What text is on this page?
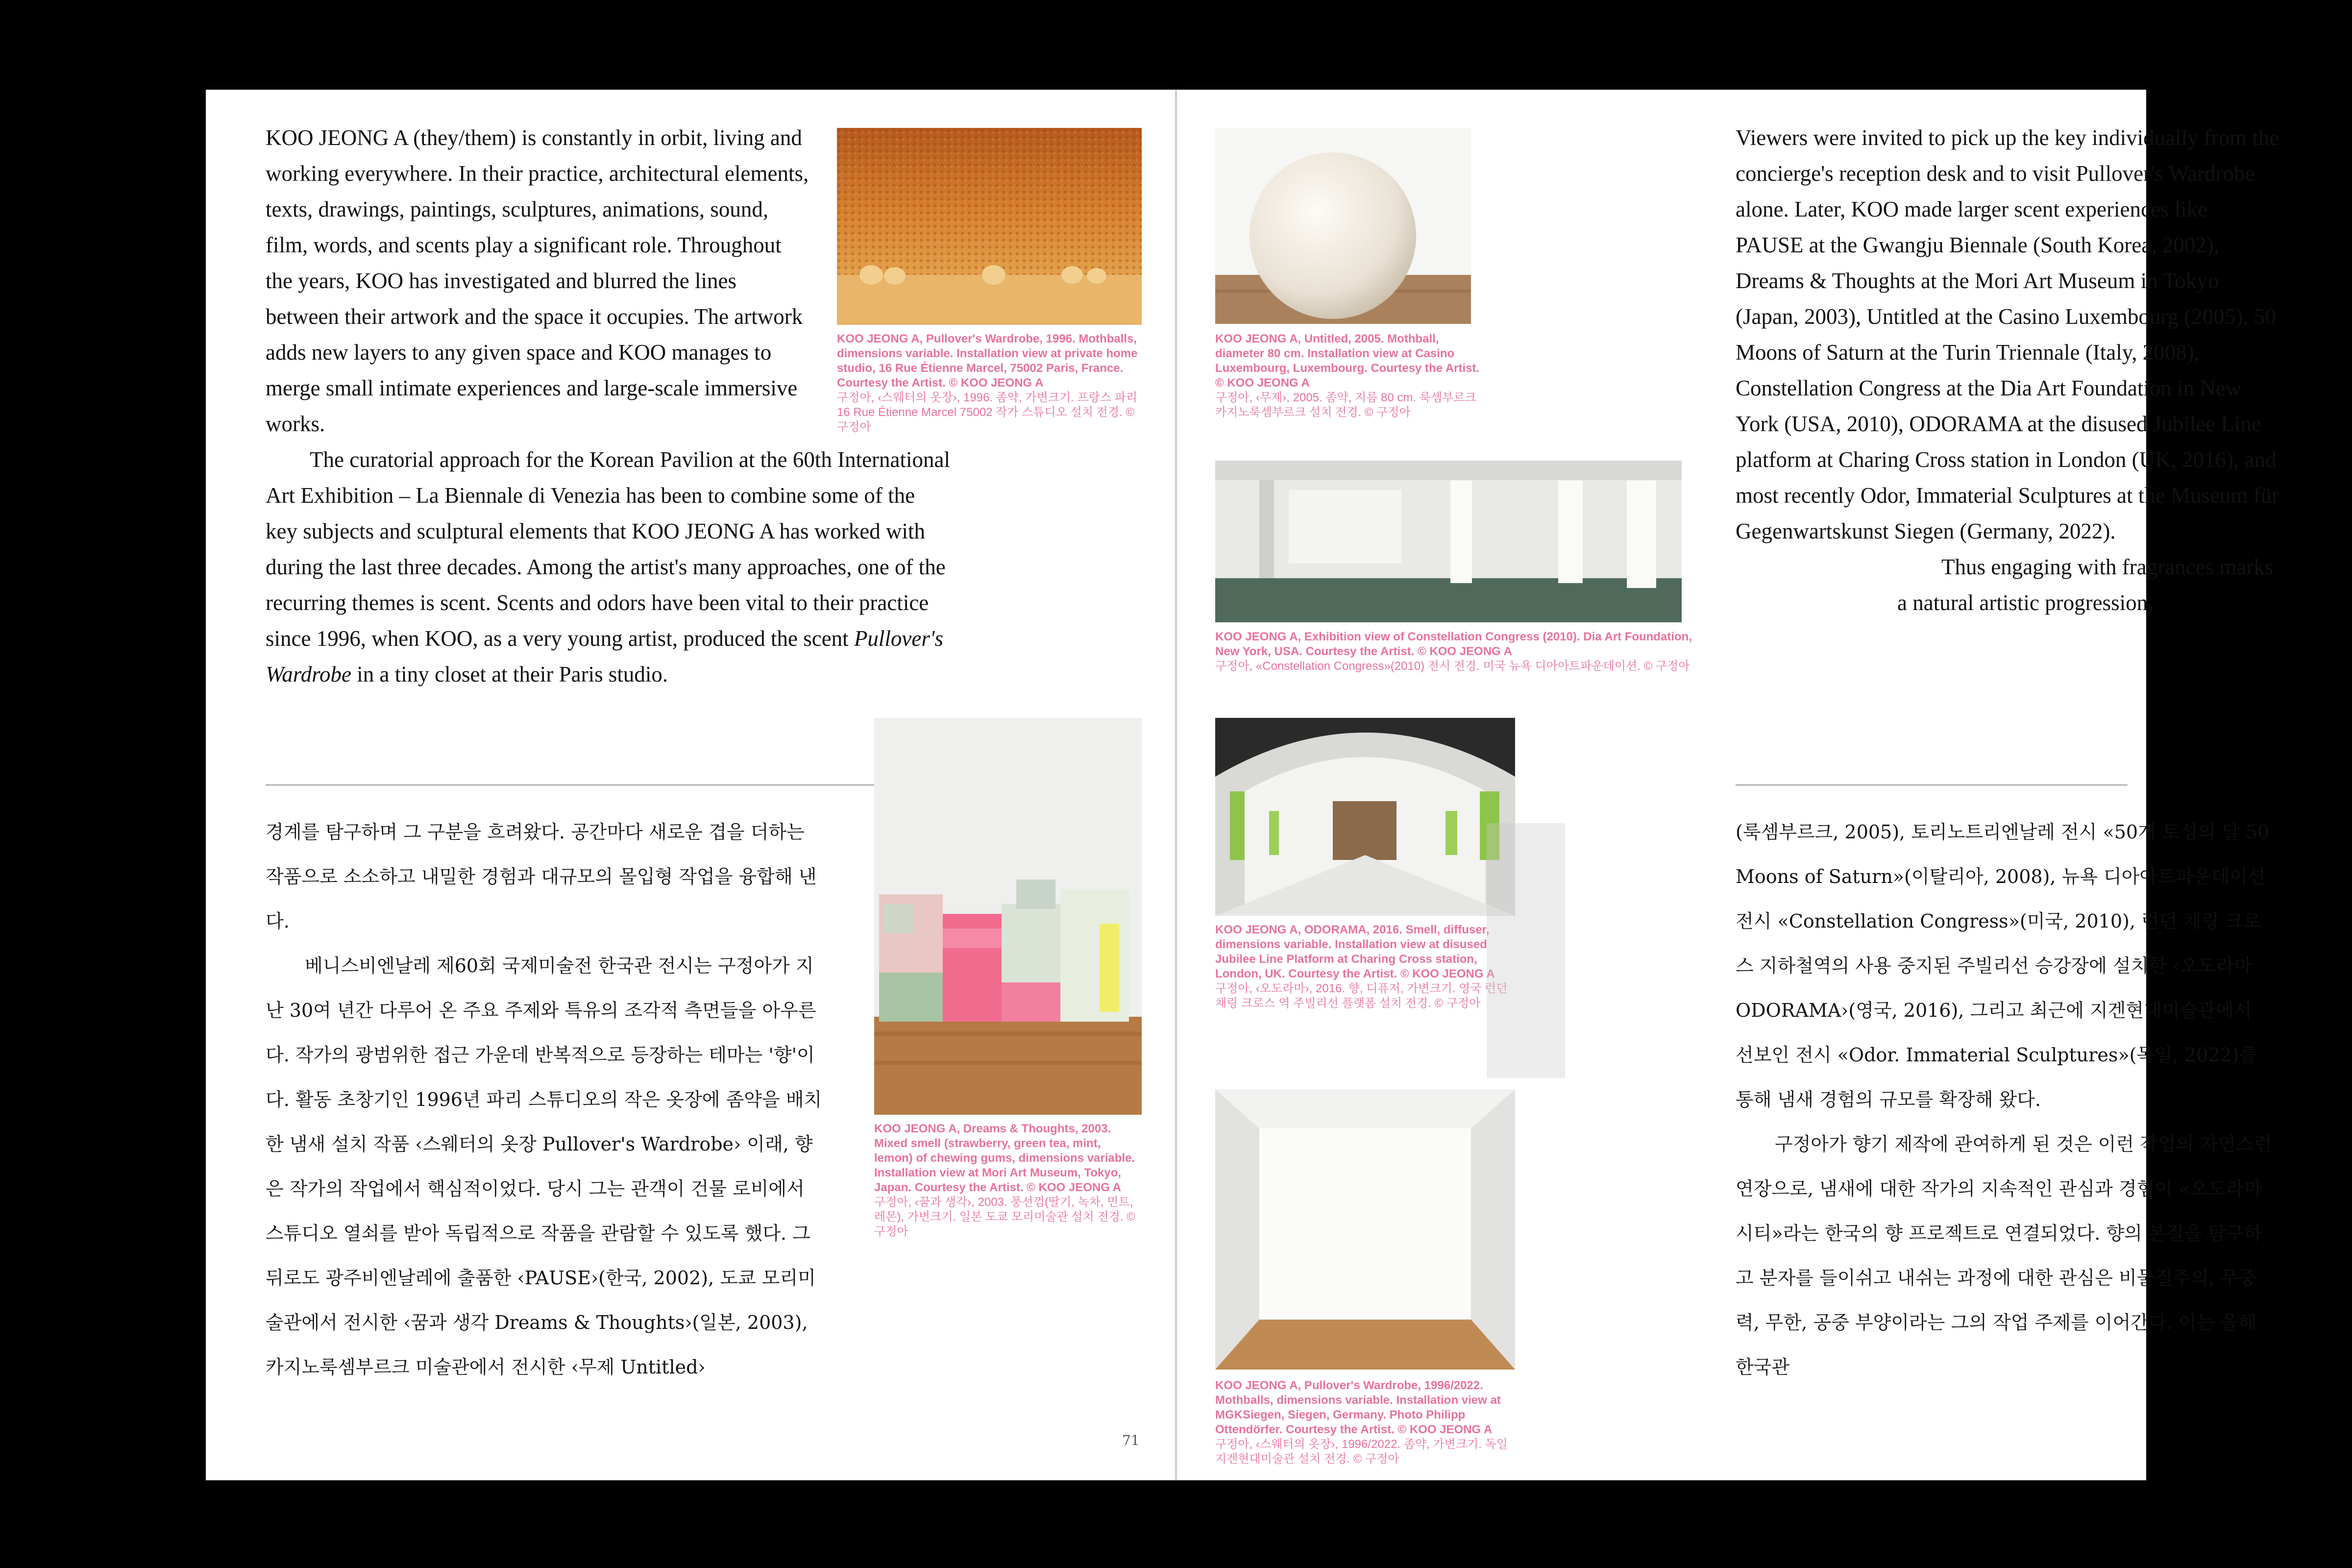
KOO JEONG A (they/them) is constantly in orbit, living and working everywhere. In their practice, architectural elements, texts, drawings, paintings, sculptures, animations, sound, film, words, and scents play a significant role. Throughout the years, KOO has investigated and blurred the lines between their artwork and the space it occupies. The artwork adds new layers to any given space and KOO manages to merge small intimate experiences and large-scale immersive works.

The curatorial approach for the Korean Pavilion at the 60th International Art Exhibition – La Biennale di Venezia has been to combine some of the key subjects and sculptural elements that KOO JEONG A has worked with during the last three decades. Among the artist's many approaches, one of the recurring themes is scent. Scents and odors have been vital to their practice since 1996, when KOO, as a very young artist, produced the scent Pullover's Wardrobe in a tiny closet at their Paris studio.

경계를 탐구하며 그 구분을 흐려왔다. 공간마다 새로운 겹을 더하는 작품으로 소소하고 내밀한 경험과 대규모의 몰입형 작업을 융합해 낸다.

베니스비엔날레 제60회 국제미술전 한국관 전시는 구정아가 지난 30여 년간 다루어 온 주요 주제와 특유의 조각적 측면들을 아우른다. 작가의 광범위한 접근 가운데 반복적으로 등장하는 테마는 '향'이다. 활동 초창기인 1996년 파리 스튜디오의 작은 옷장에 좀약을 배치한 냄새 설치 작품 ‹스웨터의 옷장 Pullover's Wardrobe› 이래, 향은 작가의 작업에서 핵심적이었다. 당시 그는 관객이 건물 로비에서 스튜디오 열쇠를 받아 독립적으로 작품을 관람할 수 있도록 했다. 그 뒤로도 광주비엔날레에 출품한 ‹PAUSE›(한국, 2002), 도쿄 모리미술관에서 전시한 ‹꿈과 생각 Dreams & Thoughts›(일본, 2003), 카지노룩셈부르크 미술관에서 전시한 ‹무제 Untitled›

KOO JEONG A, Pullover's Wardrobe, 1996. Mothballs, dimensions variable. Installation view at private home studio, 16 Rue Étienne Marcel, 75002 Paris, France. Courtesy the Artist. © KOO JEONG A
구정아, ‹스웨터의 옷장›, 1996. 좀약, 가변크기. 프랑스 파리 16 Rue Étienne Marcel 75002 작가 스튜디오 설치 전경. © 구정아
KOO JEONG A, Dreams & Thoughts, 2003. Mixed smell (strawberry, green tea, mint, lemon) of chewing gums, dimensions variable. Installation view at Mori Art Museum, Tokyo, Japan. Courtesy the Artist. © KOO JEONG A
구정아, ‹꿈과 생각›, 2003. 풍선껌(딸기, 녹차, 민트, 레몬), 가변크기. 일본 도쿄 모리미술관 설치 전경. © 구정아
71
KOO JEONG A, Untitled, 2005. Mothball, diameter 80 cm. Installation view at Casino Luxembourg, Luxembourg. Courtesy the Artist. © KOO JEONG A
구정아, ‹무제›, 2005. 좀약, 지름 80 cm. 룩셈부르크 카지노룩셈부르크 설치 전경. © 구정아
KOO JEONG A, Exhibition view of Constellation Congress (2010). Dia Art Foundation, New York, USA. Courtesy the Artist. © KOO JEONG A
구정아, «Constellation Congress»(2010) 전시 전경. 미국 뉴욕 디아아트파운데이션. © 구정아
KOO JEONG A, ODORAMA, 2016. Smell, diffuser, dimensions variable. Installation view at disused Jubilee Line Platform at Charing Cross station, London, UK. Courtesy the Artist. © KOO JEONG A
구정아, ‹오도라마›, 2016. 향, 디퓨저, 가변크기. 영국 런던 채링 크로스 역 주빌리선 플랫폼 설치 전경. © 구정아
KOO JEONG A, Pullover's Wardrobe, 1996/2022. Mothballs, dimensions variable. Installation view at MGKSiegen, Siegen, Germany. Photo Philipp Ottendörfer. Courtesy the Artist. © KOO JEONG A
구정아, ‹스웨터의 옷장›, 1996/2022. 좀약, 가변크기. 독일 지겐현대미술관 설치 전경. © 구정아

Viewers were invited to pick up the key individually from the concierge's reception desk and to visit Pullover's Wardrobe alone. Later, KOO made larger scent experiences like PAUSE at the Gwangju Biennale (South Korea, 2002), Dreams & Thoughts at the Mori Art Museum in Tokyo (Japan, 2003), Untitled at the Casino Luxembourg (2005), 50 Moons of Saturn at the Turin Triennale (Italy, 2008), Constellation Congress at the Dia Art Foundation in New York (USA, 2010), ODORAMA at the disused Jubilee Line platform at Charing Cross station in London (UK, 2016), and most recently Odor, Immaterial Sculptures at the Museum für Gegenwartskunst Siegen (Germany, 2022).

Thus engaging with fragrances marks a natural artistic progression,

(룩셈부르크, 2005), 토리노트리엔날레 전시 «50개 토성의 달 50 Moons of Saturn»(이탈리아, 2008), 뉴욕 디아아트파운데이션 전시 «Constellation Congress»(미국, 2010), 런던 채링 크로스 지하철역의 사용 중지된 주빌리선 승강장에 설치한 ‹오도라마 ODORAMA›(영국, 2016), 그리고 최근에 지겐현대미술관에서 선보인 전시 «Odor. Immaterial Sculptures»(독일, 2022)를 통해 냄새 경험의 규모를 확장해 왔다.

구정아가 향기 제작에 관여하게 된 것은 이런 작업의 자연스런 연장으로, 냄새에 대한 작가의 지속적인 관심과 경험이 «오도라마 시티»라는 한국의 향 프로젝트로 연결되었다. 향의 본질을 탐구하고 분자를 들이쉬고 내쉬는 과정에 대한 관심은 비물질주의, 무중력, 무한, 공중 부양이라는 그의 작업 주제를 이어간다. 이는 올해 한국관
